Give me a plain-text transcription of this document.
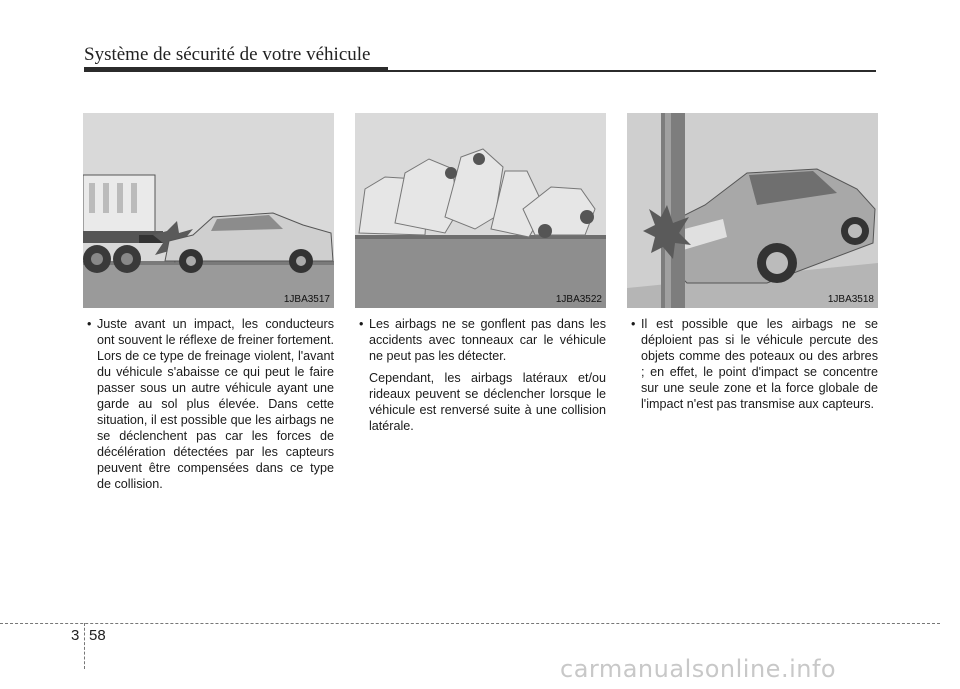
Système de sécurité de votre véhicule
1JBA3517	1JBA3522	1JBA3518
• Juste avant un impact, les conducteurs ont souvent le réflexe de freiner fortement. Lors de ce type de freinage violent, l'avant du véhicule s'abaisse ce qui peut le faire passer sous un autre véhicule ayant une garde au sol plus élevée. Dans cette situation, il est possible que les airbags ne se déclenchent pas car les forces de décélération détectées par les capteurs peuvent être compensées dans ce type de collision.
• Les airbags ne se gonflent pas dans les accidents avec tonneaux car le véhicule ne peut pas les détecter.
Cependant, les airbags latéraux et/ou rideaux peuvent se déclencher lorsque le véhicule est renversé suite à une collision latérale.
• Il est possible que les airbags ne se déploient pas si le véhicule percute des objets comme des poteaux ou des arbres ; en effet, le point d'impact se concentre sur une seule zone et la force globale de l'impact n'est pas transmise aux capteurs.
3 58
carmanualsonline.info
